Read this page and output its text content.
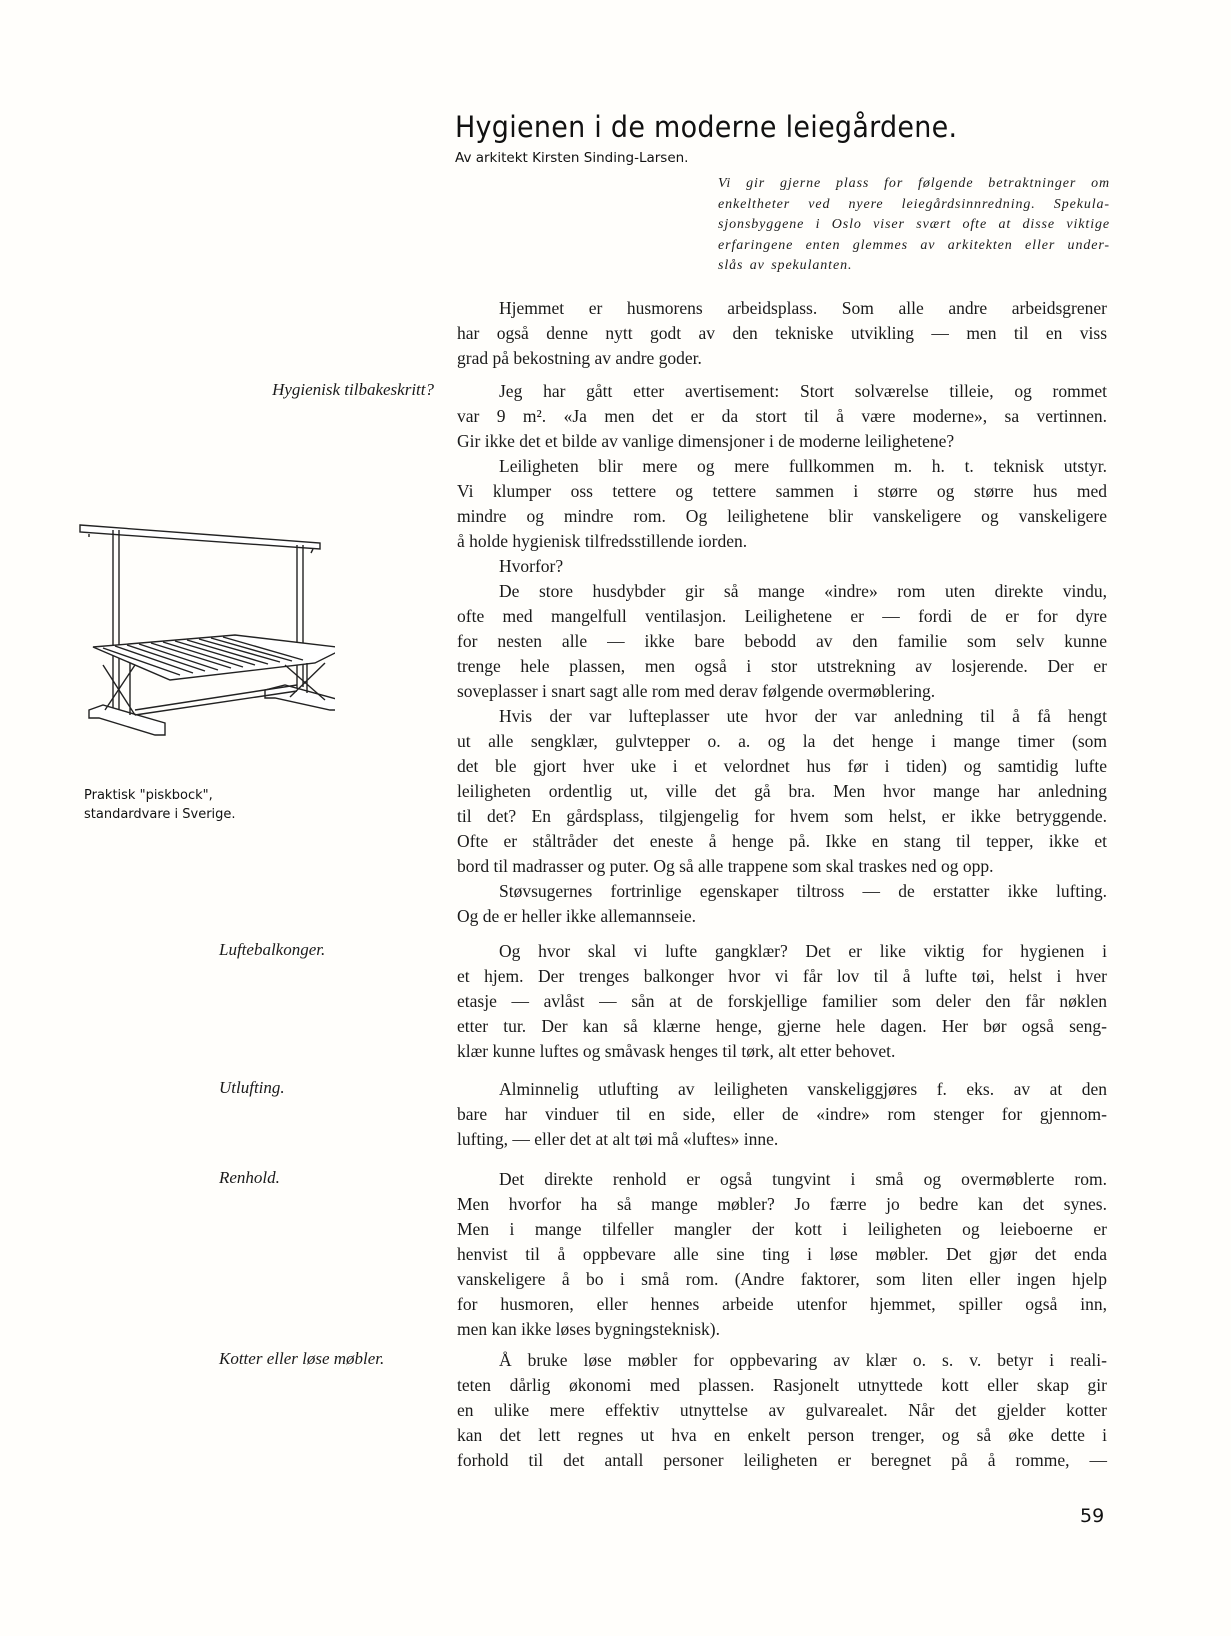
Hygienen i de moderne leiegårdene.
Av arkitekt Kirsten Sinding-Larsen.
Vi gir gjerne plass for følgende betraktninger om
enkeltheter ved nyere leiegårdsinnredning. Spekula-
sjonsbyggene i Oslo viser svært ofte at disse viktige
erfaringene enten glemmes av arkitekten eller under-
slås av spekulanten.
Hjemmet er husmorens arbeidsplass. Som alle andre arbeidsgrener
har også denne nytt godt av den tekniske utvikling — men til en viss
grad på bekostning av andre goder.
Hygienisk tilbakeskritt?	Jeg har gått etter avertisement: Stort solværelse tilleie, og rommet
var 9 m². «Ja men det er da stort til å være moderne», sa vertinnen.
Gir ikke det et bilde av vanlige dimensjoner i de moderne leilighetene?
Leiligheten blir mere og mere fullkommen m. h. t. teknisk utstyr.
Vi klumper oss tettere og tettere sammen i større og større hus med
mindre og mindre rom. Og leilighetene blir vanskeligere og vanskeligere
å holde hygienisk tilfredsstillende iorden.
Hvorfor?
De store husdybder gir så mange «indre» rom uten direkte vindu,
ofte med mangelfull ventilasjon. Leilighetene er — fordi de er for dyre
for nesten alle — ikke bare bebodd av den familie som selv kunne
trenge hele plassen, men også i stor utstrekning av losjerende. Der er
soveplasser i snart sagt alle rom med derav følgende overmøblering.
Hvis der var lufteplasser ute hvor der var anledning til å få hengt
ut alle sengklær, gulvtepper o. a. og la det henge i mange timer (som
det ble gjort hver uke i et velordnet hus før i tiden) og samtidig lufte
leiligheten ordentlig ut, ville det gå bra. Men hvor mange har anledning
til det? En gårdsplass, tilgjengelig for hvem som helst, er ikke betryggende.
Ofte er ståltråder det eneste å henge på. Ikke en stang til tepper, ikke et
bord til madrasser og puter. Og så alle trappene som skal traskes ned og opp.
Støvsugernes fortrinlige egenskaper tiltross — de erstatter ikke lufting.
Og de er heller ikke allemannseie.
Praktisk "piskbock",
standardvare i Sverige.
Luftebalkonger.	Og hvor skal vi lufte gangklær? Det er like viktig for hygienen i
et hjem. Der trenges balkonger hvor vi får lov til å lufte tøi, helst i hver
etasje — avlåst — sån at de forskjellige familier som deler den får nøklen
etter tur. Der kan så klærne henge, gjerne hele dagen. Her bør også seng-
klær kunne luftes og småvask henges til tørk, alt etter behovet.
Utlufting.	Alminnelig utlufting av leiligheten vanskeliggjøres f. eks. av at den
bare har vinduer til en side, eller de «indre» rom stenger for gjennom-
lufting, — eller det at alt tøi må «luftes» inne.
Renhold.	Det direkte renhold er også tungvint i små og overmøblerte rom.
Men hvorfor ha så mange møbler? Jo færre jo bedre kan det synes.
Men i mange tilfeller mangler der kott i leiligheten og leieboerne er
henvist til å oppbevare alle sine ting i løse møbler. Det gjør det enda
vanskeligere å bo i små rom. (Andre faktorer, som liten eller ingen hjelp
for husmoren, eller hennes arbeide utenfor hjemmet, spiller også inn,
men kan ikke løses bygningsteknisk).
Kotter eller løse møbler.	Å bruke løse møbler for oppbevaring av klær o. s. v. betyr i reali-
teten dårlig økonomi med plassen. Rasjonelt utnyttede kott eller skap gir
en ulike mere effektiv utnyttelse av gulvarealet. Når det gjelder kotter
kan det lett regnes ut hva en enkelt person trenger, og så øke dette i
forhold til det antall personer leiligheten er beregnet på å romme, —
59
